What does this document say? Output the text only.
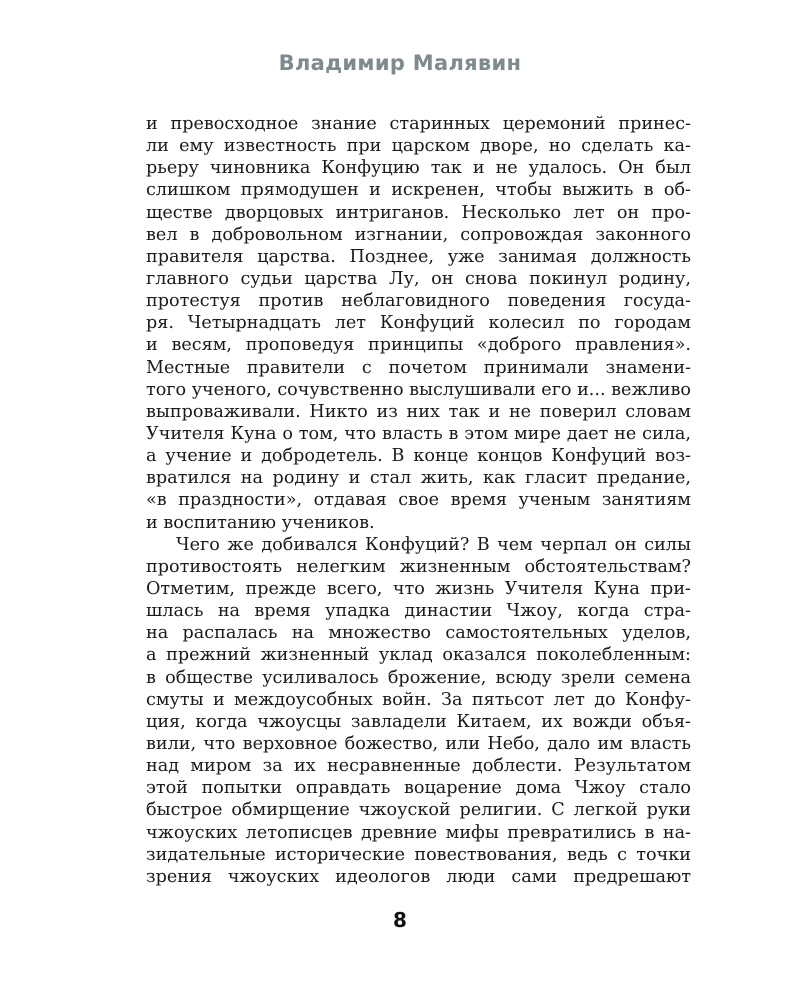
Владимир Малявин
и превосходное знание старинных церемоний принес-
ли ему известность при царском дворе, но сделать ка-
рьеру чиновника Конфуцию так и не удалось. Он был
слишком прямодушен и искренен, чтобы выжить в об-
ществе дворцовых интриганов. Несколько лет он про-
вел в добровольном изгнании, сопровождая законного
правителя царства. Позднее, уже занимая должность
главного судьи царства Лу, он снова покинул родину,
протестуя против неблаговидного поведения госуда-
ря. Четырнадцать лет Конфуций колесил по городам
и весям, проповедуя принципы «доброго правления».
Местные правители с почетом принимали знамени-
того ученого, сочувственно выслушивали его и... вежливо
выпроваживали. Никто из них так и не поверил словам
Учителя Куна о том, что власть в этом мире дает не сила,
а учение и добродетель. В конце концов Конфуций воз-
вратился на родину и стал жить, как гласит предание,
«в праздности», отдавая свое время ученым занятиям
и воспитанию учеников.
Чего же добивался Конфуций? В чем черпал он силы
противостоять нелегким жизненным обстоятельствам?
Отметим, прежде всего, что жизнь Учителя Куна при-
шлась на время упадка династии Чжоу, когда стра-
на распалась на множество самостоятельных уделов,
а прежний жизненный уклад оказался поколебленным:
в обществе усиливалось брожение, всюду зрели семена
смуты и междоусобных войн. За пятьсот лет до Конфу-
ция, когда чжоусцы завладели Китаем, их вожди объя-
вили, что верховное божество, или Небо, дало им власть
над миром за их несравненные доблести. Результатом
этой попытки оправдать воцарение дома Чжоу стало
быстрое обмирщение чжоуской религии. С легкой руки
чжоуских летописцев древние мифы превратились в на-
зидательные исторические повествования, ведь с точки
зрения чжоуских идеологов люди сами предрешают
8
